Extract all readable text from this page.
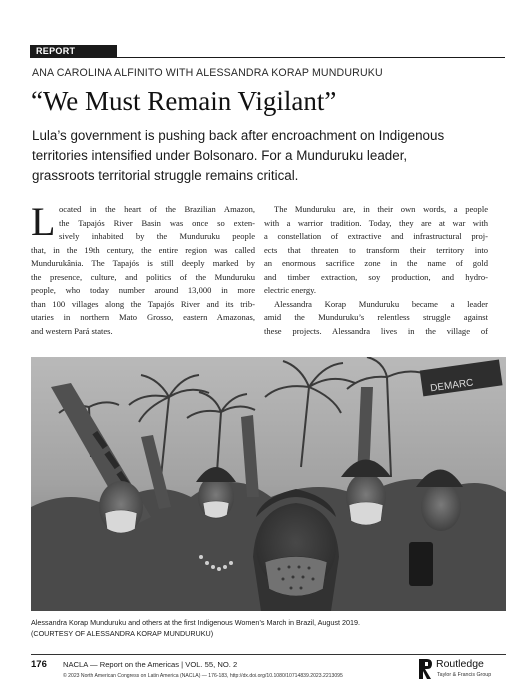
REPORT
ANA CAROLINA ALFINITO WITH ALESSANDRA KORAP MUNDURUKU
“We Must Remain Vigilant”
Lula’s government is pushing back after encroachment on Indigenous
territories intensified under Bolsonaro. For a Munduruku leader,
grassroots territorial struggle remains critical.
L ocated in the heart of the Brazilian Amazon,
the Tapajós River Basin was once so exten-
sively inhabited by the Munduruku people
that, in the 19th century, the entire region was called
Mundurukânia. The Tapajós is still deeply marked by
the presence, culture, and politics of the Munduruku
people, who today number around 13,000 in more
than 100 villages along the Tapajós River and its trib-
utaries in northern Mato Grosso, eastern Amazonas,
and western Pará states.
The Munduruku are, in their own words, a people
with a warrior tradition. Today, they are at war with
a constellation of extractive and infrastructural proj-
ects that threaten to transform their territory into
an enormous sacrifice zone in the name of gold
and timber extraction, soy production, and hydro-
electric energy.
Alessandra Korap Munduruku became a leader
amid the Munduruku’s relentless struggle against
these projects. Alessandra lives in the village of
DEMARC
Alessandra Korap Munduruku and others at the first Indigenous Women’s March in Brazil, August 2019.
(COURTESY OF ALESSANDRA KORAP MUNDURUKU)
176 NACLA — Report on the Americas | VOL. 55, NO. 2
© 2023 North American Congress on Latin America (NACLA) — 176-183, http://dx.doi.org/10.1080/10714839.2023.2213095
Routledge
Taylor & Francis Group
